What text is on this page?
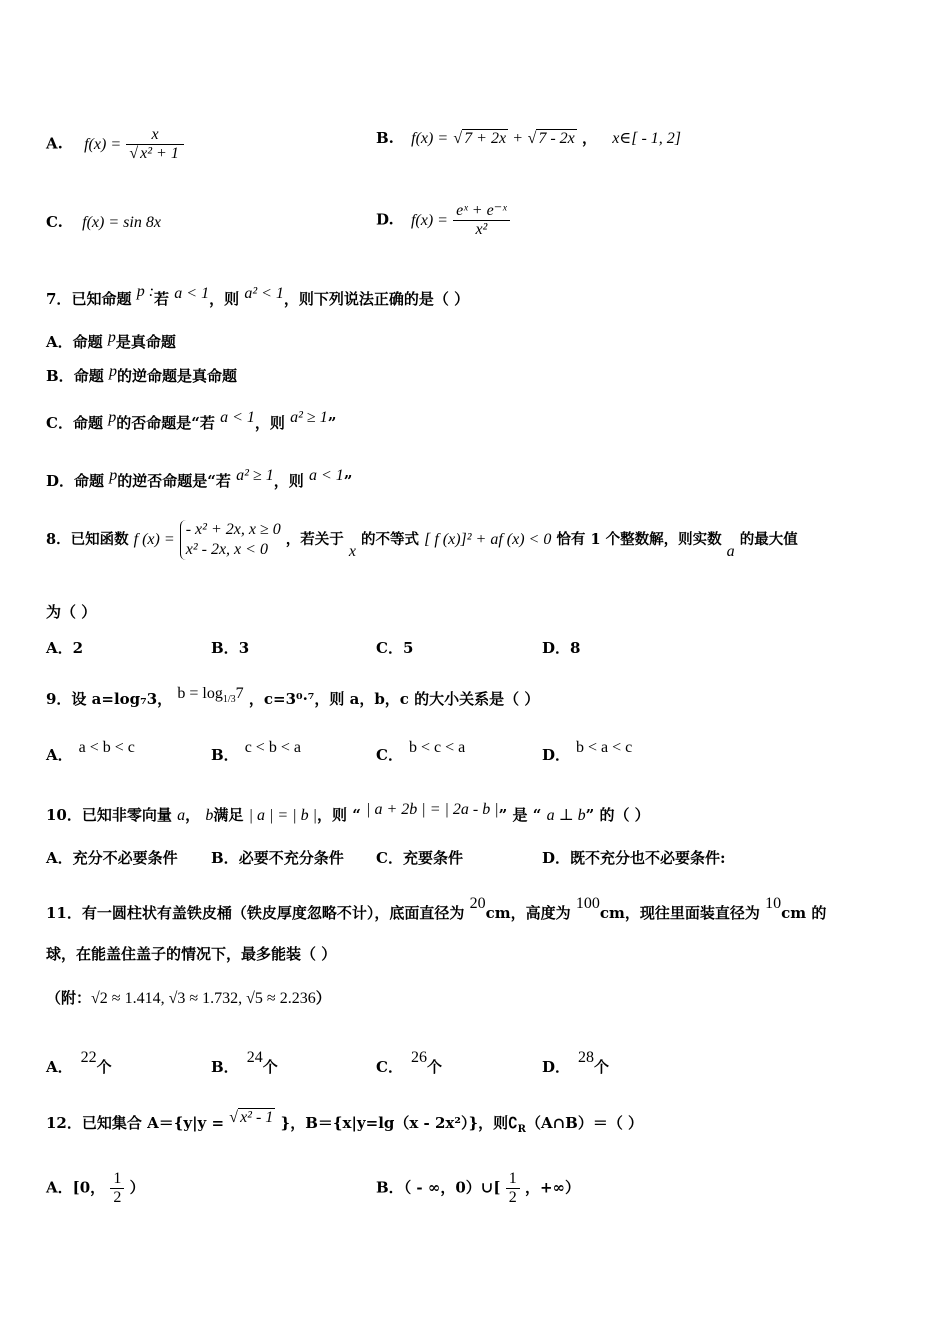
A. $f(x) = \frac{x}{\text{√ x² + 1}}$	B. f(x) = √ 7 + 2x + √ 7 - 2x ， x∈[ - 1, 2]
C. f(x) = sin 8x	D. $f(x) = \frac{\text{eˣ + e⁻ˣ}}{\text{x²}}$
7．已知命题 p :若 a < 1，则 a² < 1，则下列说法正确的是（ ）
A．命题 p是真命题
B．命题 p的逆命题是真命题
C．命题 p的否命题是“若 a < 1，则 a² ≥ 1”
D．命题 p的逆否命题是“若 a² ≥ 1，则 a < 1”
8．已知函数 f (x) =
- x² + 2x, x ≥ 0
x² - 2x, x < 0
，若关于 x 的不等式 [ f (x)]² + af (x) < 0 恰有 1 个整数解，则实数 a 的最大值
为（ ）
A．2	B．3	C．5	D．8
9．设 a=log₇3， $b = \log_{1/3}7$ ，c=3⁰·⁷，则 a，b，c 的大小关系是（ ）
A． a < b < c	B． c < b < a	C． b < c < a	D． b < a < c
10．已知非零向量 a， b满足 | a | = | b |，则 “ | a + 2b | = | 2a - b |” 是 “ a ⊥ b” 的（ ）
A．充分不必要条件 B．必要不充分条件 C．充要条件	D．既不充分也不必要条件:
11．有一圆柱状有盖铁皮桶（铁皮厚度忽略不计），底面直径为 20cm，高度为 100cm，现往里面装直径为 10cm 的
球，在能盖住盖子的情况下，最多能装（ ）
（附：√2 ≈ 1.414, √3 ≈ 1.732, √5 ≈ 2.236）
A．22个	B．24个	C．26个	D．28个
12．已知集合 A＝{y|y = √ x² - 1 }，B＝{x|y=lg（x - 2x²）}，则$∁_R(A\cap B)=$（ ）
A．[0， $\frac{1}{2}$ ）	B．（ - ∞，0）∪[ $\frac{1}{2}$ ，+∞）
